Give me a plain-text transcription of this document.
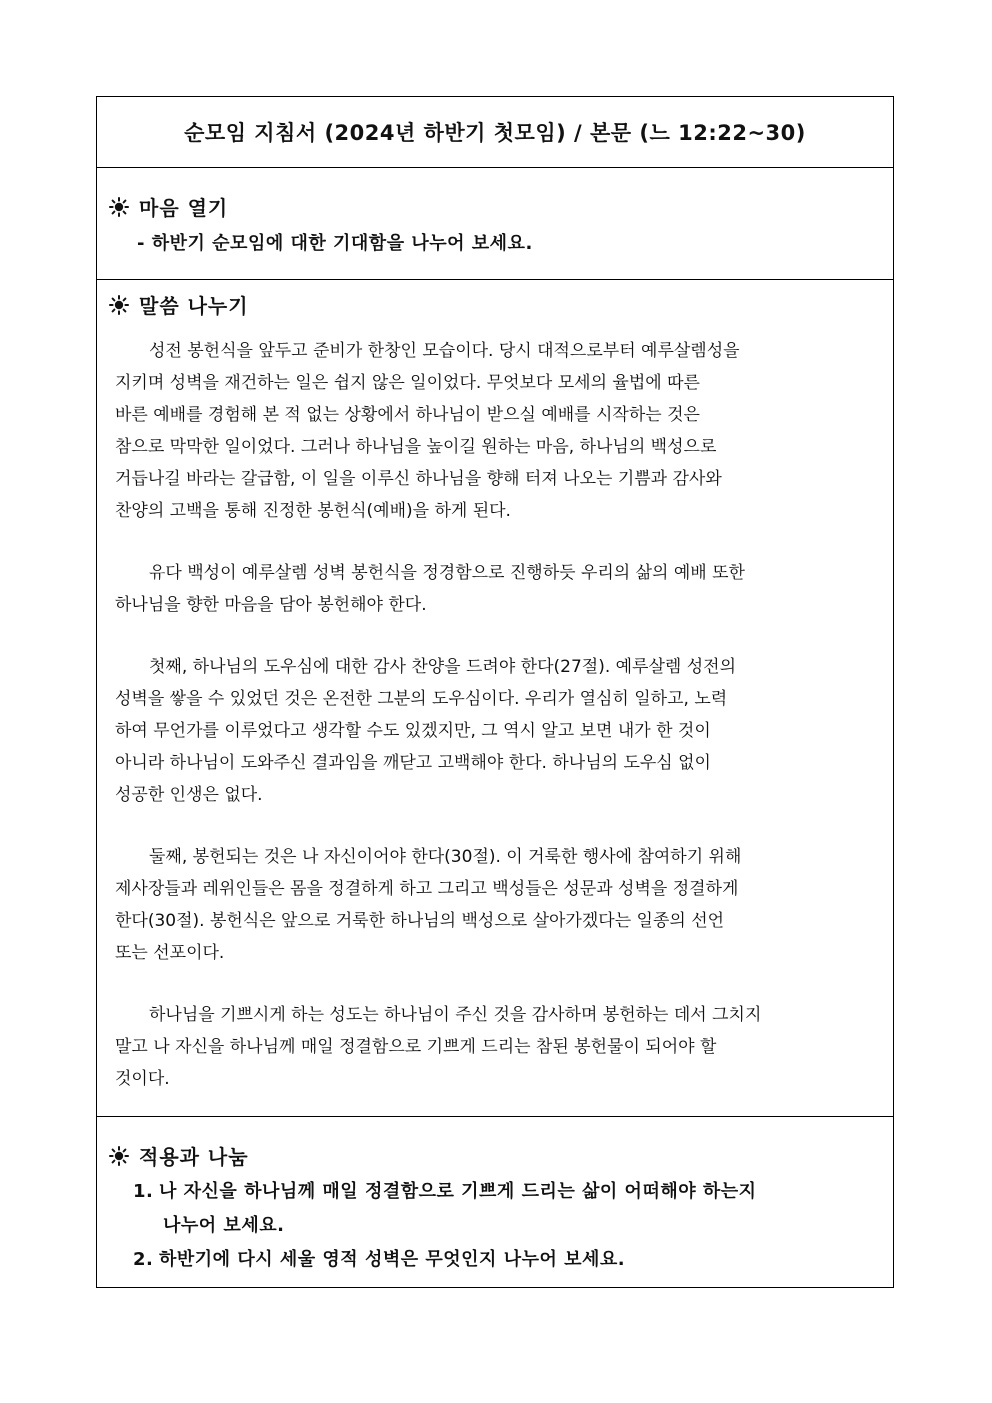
순모임 지침서 (2024년 하반기 첫모임) / 본문 (느 12:22~30)
마음 열기
- 하반기 순모임에 대한 기대함을 나누어 보세요.
말씀 나누기
성전 봉헌식을 앞두고 준비가 한창인 모습이다. 당시 대적으로부터 예루살렘성을
지키며 성벽을 재건하는 일은 쉽지 않은 일이었다. 무엇보다 모세의 율법에 따른
바른 예배를 경험해 본 적 없는 상황에서 하나님이 받으실 예배를 시작하는 것은
참으로 막막한 일이었다. 그러나 하나님을 높이길 원하는 마음, 하나님의 백성으로
거듭나길 바라는 갈급함, 이 일을 이루신 하나님을 향해 터져 나오는 기쁨과 감사와
찬양의 고백을 통해 진정한 봉헌식(예배)을 하게 된다.
유다 백성이 예루살렘 성벽 봉헌식을 정경함으로 진행하듯 우리의 삶의 예배 또한
하나님을 향한 마음을 담아 봉헌해야 한다.
첫째, 하나님의 도우심에 대한 감사 찬양을 드려야 한다(27절). 예루살렘 성전의
성벽을 쌓을 수 있었던 것은 온전한 그분의 도우심이다. 우리가 열심히 일하고, 노력
하여 무언가를 이루었다고 생각할 수도 있겠지만, 그 역시 알고 보면 내가 한 것이
아니라 하나님이 도와주신 결과임을 깨닫고 고백해야 한다. 하나님의 도우심 없이
성공한 인생은 없다.
둘째, 봉헌되는 것은 나 자신이어야 한다(30절). 이 거룩한 행사에 참여하기 위해
제사장들과 레위인들은 몸을 정결하게 하고 그리고 백성들은 성문과 성벽을 정결하게
한다(30절). 봉헌식은 앞으로 거룩한 하나님의 백성으로 살아가겠다는 일종의 선언
또는 선포이다.
하나님을 기쁘시게 하는 성도는 하나님이 주신 것을 감사하며 봉헌하는 데서 그치지
말고 나 자신을 하나님께 매일 정결함으로 기쁘게 드리는 참된 봉헌물이 되어야 할
것이다.
적용과 나눔
1. 나 자신을 하나님께 매일 정결함으로 기쁘게 드리는 삶이 어떠해야 하는지
나누어 보세요.
2. 하반기에 다시 세울 영적 성벽은 무엇인지 나누어 보세요.
